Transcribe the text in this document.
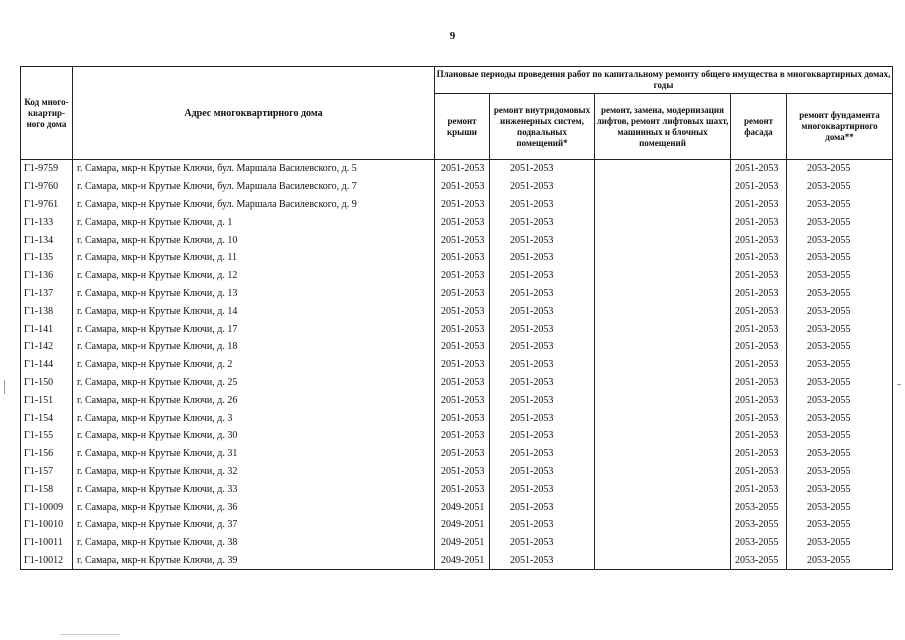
9
Код много-квартир-ного дома	Адрес многоквартирного дома	Плановые периоды проведения работ по капитальному ремонту общего имущества в многоквартирных домах, годы				
		ремонт крыши	ремонт внутридомовых инженерных систем, подвальных помещений*	ремонт, замена, модернизация лифтов, ремонт лифтовых шахт, машинных и блочных помещений	ремонт фасада	ремонт фундамента многоквартирного дома**
Г1-9759	г. Самара, мкр-н Крутые Ключи, бул. Маршала Василевского, д. 5	2051-2053	2051-2053		2051-2053	2053-2055
Г1-9760	г. Самара, мкр-н Крутые Ключи, бул. Маршала Василевского, д. 7	2051-2053	2051-2053		2051-2053	2053-2055
Г1-9761	г. Самара, мкр-н Крутые Ключи, бул. Маршала Василевского, д. 9	2051-2053	2051-2053		2051-2053	2053-2055
Г1-133	г. Самара, мкр-н Крутые Ключи, д. 1	2051-2053	2051-2053		2051-2053	2053-2055
Г1-134	г. Самара, мкр-н Крутые Ключи, д. 10	2051-2053	2051-2053		2051-2053	2053-2055
Г1-135	г. Самара, мкр-н Крутые Ключи, д. 11	2051-2053	2051-2053		2051-2053	2053-2055
Г1-136	г. Самара, мкр-н Крутые Ключи, д. 12	2051-2053	2051-2053		2051-2053	2053-2055
Г1-137	г. Самара, мкр-н Крутые Ключи, д. 13	2051-2053	2051-2053		2051-2053	2053-2055
Г1-138	г. Самара, мкр-н Крутые Ключи, д. 14	2051-2053	2051-2053		2051-2053	2053-2055
Г1-141	г. Самара, мкр-н Крутые Ключи, д. 17	2051-2053	2051-2053		2051-2053	2053-2055
Г1-142	г. Самара, мкр-н Крутые Ключи, д. 18	2051-2053	2051-2053		2051-2053	2053-2055
Г1-144	г. Самара, мкр-н Крутые Ключи, д. 2	2051-2053	2051-2053		2051-2053	2053-2055
Г1-150	г. Самара, мкр-н Крутые Ключи, д. 25	2051-2053	2051-2053		2051-2053	2053-2055
Г1-151	г. Самара, мкр-н Крутые Ключи, д. 26	2051-2053	2051-2053		2051-2053	2053-2055
Г1-154	г. Самара, мкр-н Крутые Ключи, д. 3	2051-2053	2051-2053		2051-2053	2053-2055
Г1-155	г. Самара, мкр-н Крутые Ключи, д. 30	2051-2053	2051-2053		2051-2053	2053-2055
Г1-156	г. Самара, мкр-н Крутые Ключи, д. 31	2051-2053	2051-2053		2051-2053	2053-2055
Г1-157	г. Самара, мкр-н Крутые Ключи, д. 32	2051-2053	2051-2053		2051-2053	2053-2055
Г1-158	г. Самара, мкр-н Крутые Ключи, д. 33	2051-2053	2051-2053		2051-2053	2053-2055
Г1-10009	г. Самара, мкр-н Крутые Ключи, д. 36	2049-2051	2051-2053		2053-2055	2053-2055
Г1-10010	г. Самара, мкр-н Крутые Ключи, д. 37	2049-2051	2051-2053		2053-2055	2053-2055
Г1-10011	г. Самара, мкр-н Крутые Ключи, д. 38	2049-2051	2051-2053		2053-2055	2053-2055
Г1-10012	г. Самара, мкр-н Крутые Ключи, д. 39	2049-2051	2051-2053		2053-2055	2053-2055
